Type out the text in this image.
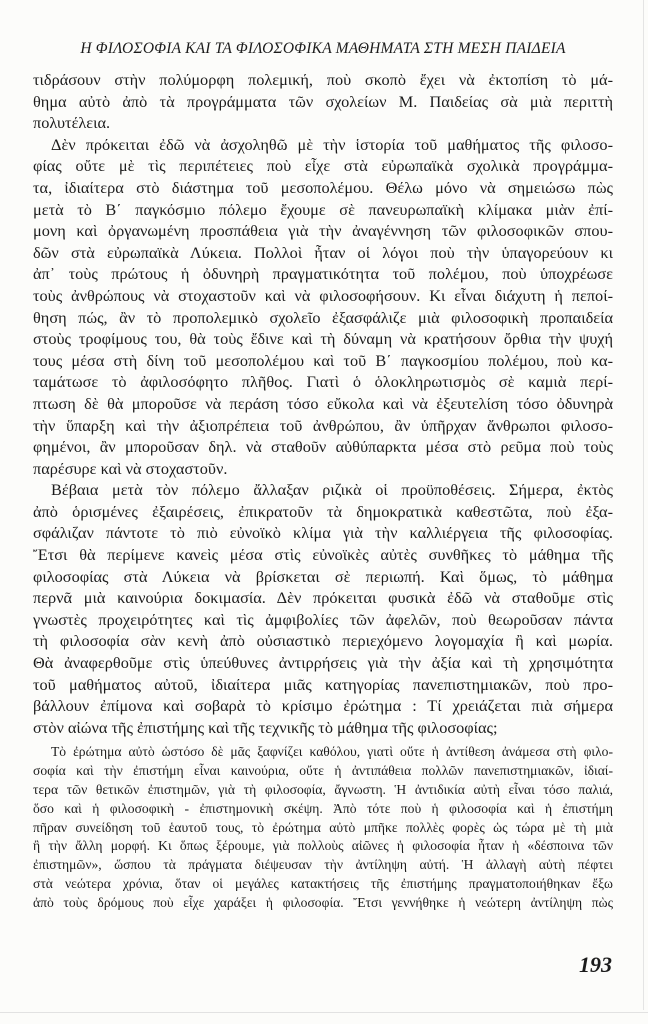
Η ΦΙΛΟΣΟΦΙΑ ΚΑΙ ΤΑ ΦΙΛΟΣΟΦΙΚΑ ΜΑΘΗΜΑΤΑ ΣΤΗ ΜΕΣΗ ΠΑΙΔΕΙΑ
τιδράσουν στὴν πολύμορφη πολεμική, ποὺ σκοπὸ ἔχει νὰ ἐκτοπίση τὸ μά-
θημα αὐτὸ ἀπὸ τὰ προγράμματα τῶν σχολείων Μ. Παιδείας σὰ μιὰ περιττὴ
πολυτέλεια.
Δὲν πρόκειται ἐδῶ νὰ ἀσχοληθῶ μὲ τὴν ἱστορία τοῦ μαθήματος τῆς φιλοσο-
φίας οὔτε μὲ τὶς περιπέτειες ποὺ εἶχε στὰ εὐρωπαϊκὰ σχολικὰ προγράμμα-
τα, ἰδιαίτερα στὸ διάστημα τοῦ μεσοπολέμου. Θέλω μόνο νὰ σημειώσω πὼς
μετὰ τὸ Β΄ παγκόσμιο πόλεμο ἔχουμε σὲ πανευρωπαϊκὴ κλίμακα μιὰν ἐπί-
μονη καὶ ὀργανωμένη προσπάθεια γιὰ τὴν ἀναγέννηση τῶν φιλοσοφικῶν σπου-
δῶν στὰ εὐρωπαϊκὰ Λύκεια. Πολλοὶ ἦταν οἱ λόγοι ποὺ τὴν ὑπαγορεύουν κι
ἀπ᾿ τοὺς πρώτους ἡ ὀδυνηρὴ πραγματικότητα τοῦ πολέμου, ποὺ ὑποχρέωσε
τοὺς ἀνθρώπους νὰ στοχαστοῦν καὶ νὰ φιλοσοφήσουν. Κι εἶναι διάχυτη ἡ πεποί-
θηση πώς, ἂν τὸ προπολεμικὸ σχολεῖο ἐξασφάλιζε μιὰ φιλοσοφικὴ προπαιδεία
στοὺς τροφίμους του, θὰ τοὺς ἔδινε καὶ τὴ δύναμη νὰ κρατήσουν ὄρθια τὴν ψυχή
τους μέσα στὴ δίνη τοῦ μεσοπολέμου καὶ τοῦ Β΄ παγκοσμίου πολέμου, ποὺ κα-
ταμάτωσε τὸ ἀφιλοσόφητο πλῆθος. Γιατὶ ὁ ὁλοκληρωτισμὸς σὲ καμιὰ περί-
πτωση δὲ θὰ μποροῦσε νὰ περάση τόσο εὔκολα καὶ νὰ ἐξευτελίση τόσο ὀδυνηρὰ
τὴν ὕπαρξη καὶ τὴν ἀξιοπρέπεια τοῦ ἀνθρώπου, ἂν ὑπῆρχαν ἄνθρωποι φιλοσο-
φημένοι, ἂν μποροῦσαν δηλ. νὰ σταθοῦν αὐθύπαρκτα μέσα στὸ ρεῦμα ποὺ τοὺς
παρέσυρε καὶ νὰ στοχαστοῦν.
Βέβαια μετὰ τὸν πόλεμο ἄλλαξαν ριζικὰ οἱ προϋποθέσεις. Σήμερα, ἐκτὸς
ἀπὸ ὁρισμένες ἐξαιρέσεις, ἐπικρατοῦν τὰ δημοκρατικὰ καθεστῶτα, ποὺ ἐξα-
σφάλιζαν πάντοτε τὸ πιὸ εὐνοϊκὸ κλίμα γιὰ τὴν καλλιέργεια τῆς φιλοσοφίας.
Ἔτσι θὰ περίμενε κανεὶς μέσα στὶς εὐνοϊκὲς αὐτὲς συνθῆκες τὸ μάθημα τῆς
φιλοσοφίας στὰ Λύκεια νὰ βρίσκεται σὲ περιωπή. Καὶ ὅμως, τὸ μάθημα
περνᾶ μιὰ καινούρια δοκιμασία. Δὲν πρόκειται φυσικὰ ἐδῶ νὰ σταθοῦμε στὶς
γνωστὲς προχειρότητες καὶ τὶς ἀμφιβολίες τῶν ἀφελῶν, ποὺ θεωροῦσαν πάντα
τὴ φιλοσοφία σὰν κενὴ ἀπὸ οὐσιαστικὸ περιεχόμενο λογομαχία ἢ καὶ μωρία.
Θὰ ἀναφερθοῦμε στὶς ὑπεύθυνες ἀντιρρήσεις γιὰ τὴν ἀξία καὶ τὴ χρησιμότητα
τοῦ μαθήματος αὐτοῦ, ἰδιαίτερα μιᾶς κατηγορίας πανεπιστημιακῶν, ποὺ προ-
βάλλουν ἐπίμονα καὶ σοβαρὰ τὸ κρίσιμο ἐρώτημα : Τί χρειάζεται πιὰ σήμερα
στὸν αἰώνα τῆς ἐπιστήμης καὶ τῆς τεχνικῆς τὸ μάθημα τῆς φιλοσοφίας;
Τὸ ἐρώτημα αὐτὸ ὡστόσο δὲ μᾶς ξαφνίζει καθόλου, γιατὶ οὔτε ἡ ἀντίθεση ἀνάμεσα στὴ φιλο-
σοφία καὶ τὴν ἐπιστήμη εἶναι καινούρια, οὔτε ἡ ἀντιπάθεια πολλῶν πανεπιστημιακῶν, ἰδιαί-
τερα τῶν θετικῶν ἐπιστημῶν, γιὰ τὴ φιλοσοφία, ἄγνωστη. Ἡ ἀντιδικία αὐτὴ εἶναι τόσο παλιά,
ὅσο καὶ ἡ φιλοσοφικὴ - ἐπιστημονικὴ σκέψη. Ἀπὸ τότε ποὺ ἡ φιλοσοφία καὶ ἡ ἐπιστήμη
πῆραν συνείδηση τοῦ ἑαυτοῦ τους, τὸ ἐρώτημα αὐτὸ μπῆκε πολλὲς φορὲς ὡς τώρα μὲ τὴ μιὰ
ἢ τὴν ἄλλη μορφή. Κι ὅπως ξέρουμε, γιὰ πολλοὺς αἰῶνες ἡ φιλοσοφία ἦταν ἡ «δέσποινα τῶν
ἐπιστημῶν», ὥσπου τὰ πράγματα διέψευσαν τὴν ἀντίληψη αὐτή. Ἡ ἀλλαγὴ αὐτὴ πέφτει
στὰ νεώτερα χρόνια, ὅταν οἱ μεγάλες κατακτήσεις τῆς ἐπιστήμης πραγματοποιήθηκαν ἔξω
ἀπὸ τοὺς δρόμους ποὺ εἶχε χαράξει ἡ φιλοσοφία. Ἔτσι γεννήθηκε ἡ νεώτερη ἀντίληψη πὼς
193
